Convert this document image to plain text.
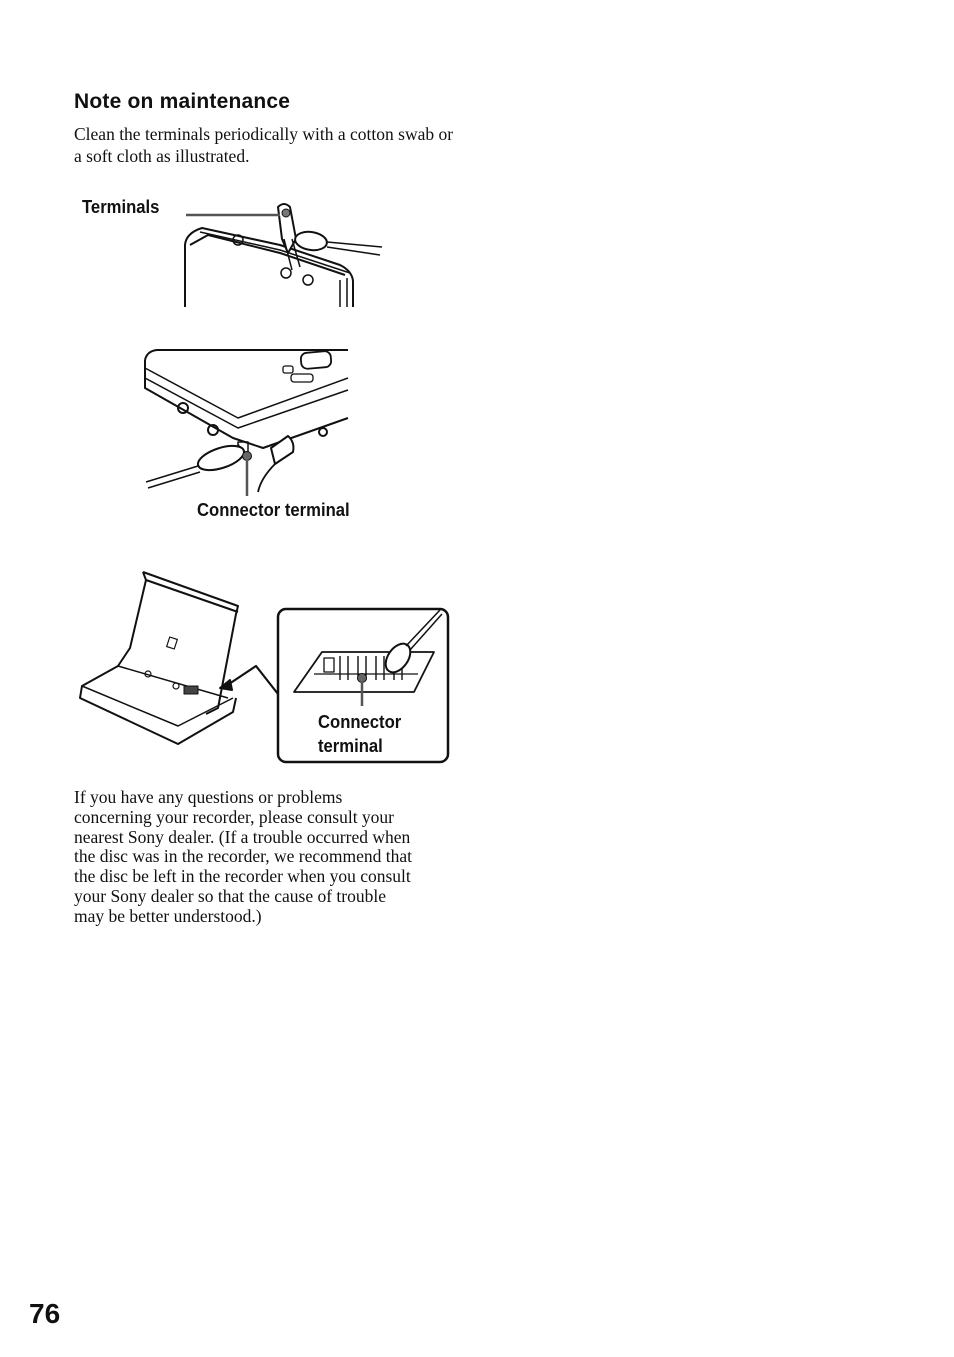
Note on maintenance

Clean the terminals periodically with a cotton swab or a soft cloth as illustrated.

Terminals

Connector terminal

Connector
terminal
If you have any questions or problems
concerning your recorder, please consult your
nearest Sony dealer. (If a trouble occurred when
the disc was in the recorder, we recommend that
the disc be left in the recorder when you consult
your Sony dealer so that the cause of trouble
may be better understood.)

76
